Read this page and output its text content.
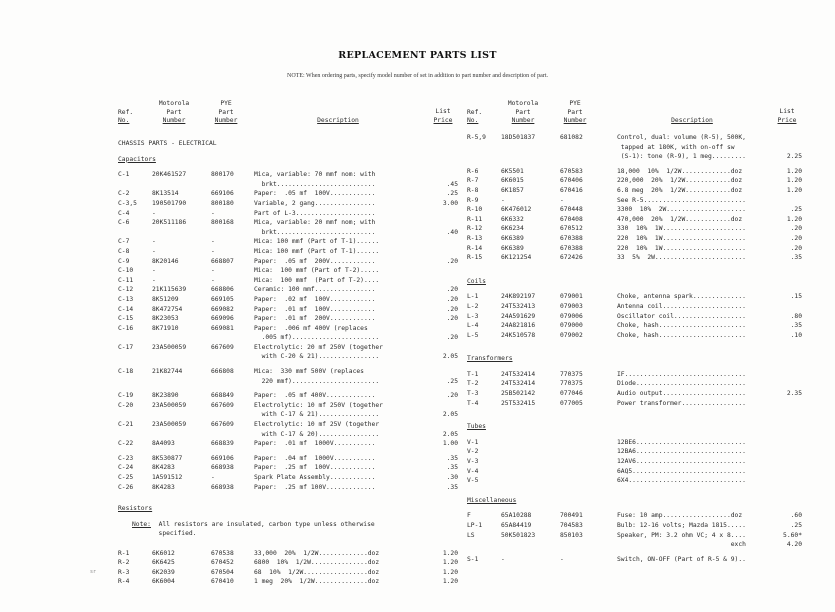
REPLACEMENT PARTS LIST
NOTE: When ordering parts, specify model number of set in addition to part number and description of part.

Ref.
No.
Motorola
Part
Number
PYE
Part
Number	Description
List
Price
CHASSIS PARTS - ELECTRICAL
Capacitors
C-1	20K461527	800170	Mica, variable: 70 mmf nom: with
brkt..........................	.45
C-2	8K13514	669106	Paper:  .05 mf  100V............	.25
C-3,5 190501790	800180	Variable, 2 gang................	3.00
C-4	-	-	Part of L-3.....................
C-6	20K511186	800168	Mica, variable: 20 mmf nom; with
brkt..........................	.40
C-7	-	-	Mica: 100 mmf (Part of T-1)......
C-8	-	-	Mica: 100 mmf (Part of T-1)......
C-9	8K20146	668807	Paper:  .05 mf  200V............	.20
C-10	-	-	Mica:  100 mmf (Part of T-2).....
C-11	-	-	Mica:  100 mmf  (Part of T-2)....
C-12	21K115639	668806	Ceramic: 100 mmf................	.20
C-13	8K51209	669105	Paper:  .02 mf  100V............	.20
C-14	8K472754	669082	Paper:  .01 mf  100V............	.20
C-15	8K23053	669096	Paper:  .01 mf  200V............	.20
C-16	8K71910	669081	Paper:  .006 mf 400V (replaces
.005 mf).......................	.20
C-17	23A500059	667609	Electrolytic: 20 mf 250V (together
with C-20 & 21)................	2.05
C-18	21K82744	666808	Mica:  330 mmf 500V (replaces
220 mmf).......................	.25
C-19	8K23890	668849	Paper:  .05 mf 400V.............	.20
C-20	23A500059	667609	Electrolytic: 10 mf 250V (together
with C-17 & 21)................	2.05
C-21	23A500059	667609	Electrolytic: 10 mf 25V (together
with C-17 & 20)................	2.05
C-22	8A4093	668839	Paper:  .01 mf  1000V...........	1.00
C-23	8K530877	669106	Paper:  .04 mf  1000V...........	.35
C-24	8K4283	668938	Paper:  .25 mf  100V............	.35
C-25	1A591512	-	Spark Plate Assembly............	.30
C-26	8K4283	668938	Paper:  .25 mf 100V.............	.35
Resistors
Note: All resistors are insulated, carbon type unless otherwise
specified.
R-1	6K6012	670538	33,000  20%  1/2W.............doz	1.20
R-2	6K6425	670452	6800  10%  1/2W...............doz	1.20
R-3	6K2039	670504	68  10%  1/2W.................doz	1.20
R-4	6K6004	670410	1 meg  20%  1/2W..............doz	1.20

Ref.
No.
Motorola
Part
Number
PYE
Part
Number	Description
List
Price
R-5,9 18D501837	681082	Control, dual: volume (R-5), 500K,
tapped at 180K, with on-off sw
(S-1): tone (R-9), 1 meg.........	2.25
R-6	6K5501	670583	18,000  10%  1/2W.............doz	1.20
R-7	6K6015	670406	220,000  20%  1/2W............doz	1.20
R-8	6K1857	670416	6.8 meg  20%  1/2W............doz	1.20
R-9	-	-	See R-5...........................
R-10	6K476012	670448	3300  10%  2W.....................	.25
R-11	6K6332	670408	470,000  20%  1/2W............doz	1.20
R-12	6K6234	670512	330  10%  1W......................	.20
R-13	6K6389	670388	220  10%  1W......................	.20
R-14	6K6389	670388	220  10%  1W......................	.20
R-15	6K121254	672426	33  5%  2W........................	.35
Coils
L-1	24K892197	079001	Choke, antenna spark..............	.15
L-2	24T532413	079003	Antenna coil......................
L-3	24A591629	079006	Oscillator coil...................	.80
L-4	24A821816	079000	Choke, hash.......................	.35
L-5	24K510578	079002	Choke, hash.......................	.10
Transformers
T-1	24T532414	770375	IF................................
T-2	24T532414	770375	Diode.............................
T-3	25B502142	077046	Audio output......................	2.35
T-4	25T532415	077005	Power transformer.................
Tubes
V-1	12BE6.............................
V-2	12BA6.............................
V-3	12AV6.............................
V-4	6AQ5..............................
V-5	6X4...............................
Miscellaneous
F	65A10288	700491	Fuse: 10 amp..................doz	.60
LP-1	65A84419	704583	Bulb: 12-16 volts; Mazda 1815.....	.25
LS	50K501823	850103	Speaker, PM: 3.2 ohm VC; 4 x 8....	5.60*
exch	4.20
S-1	-	-	Switch, ON-OFF (Part of R-5 & 9)..
sr
